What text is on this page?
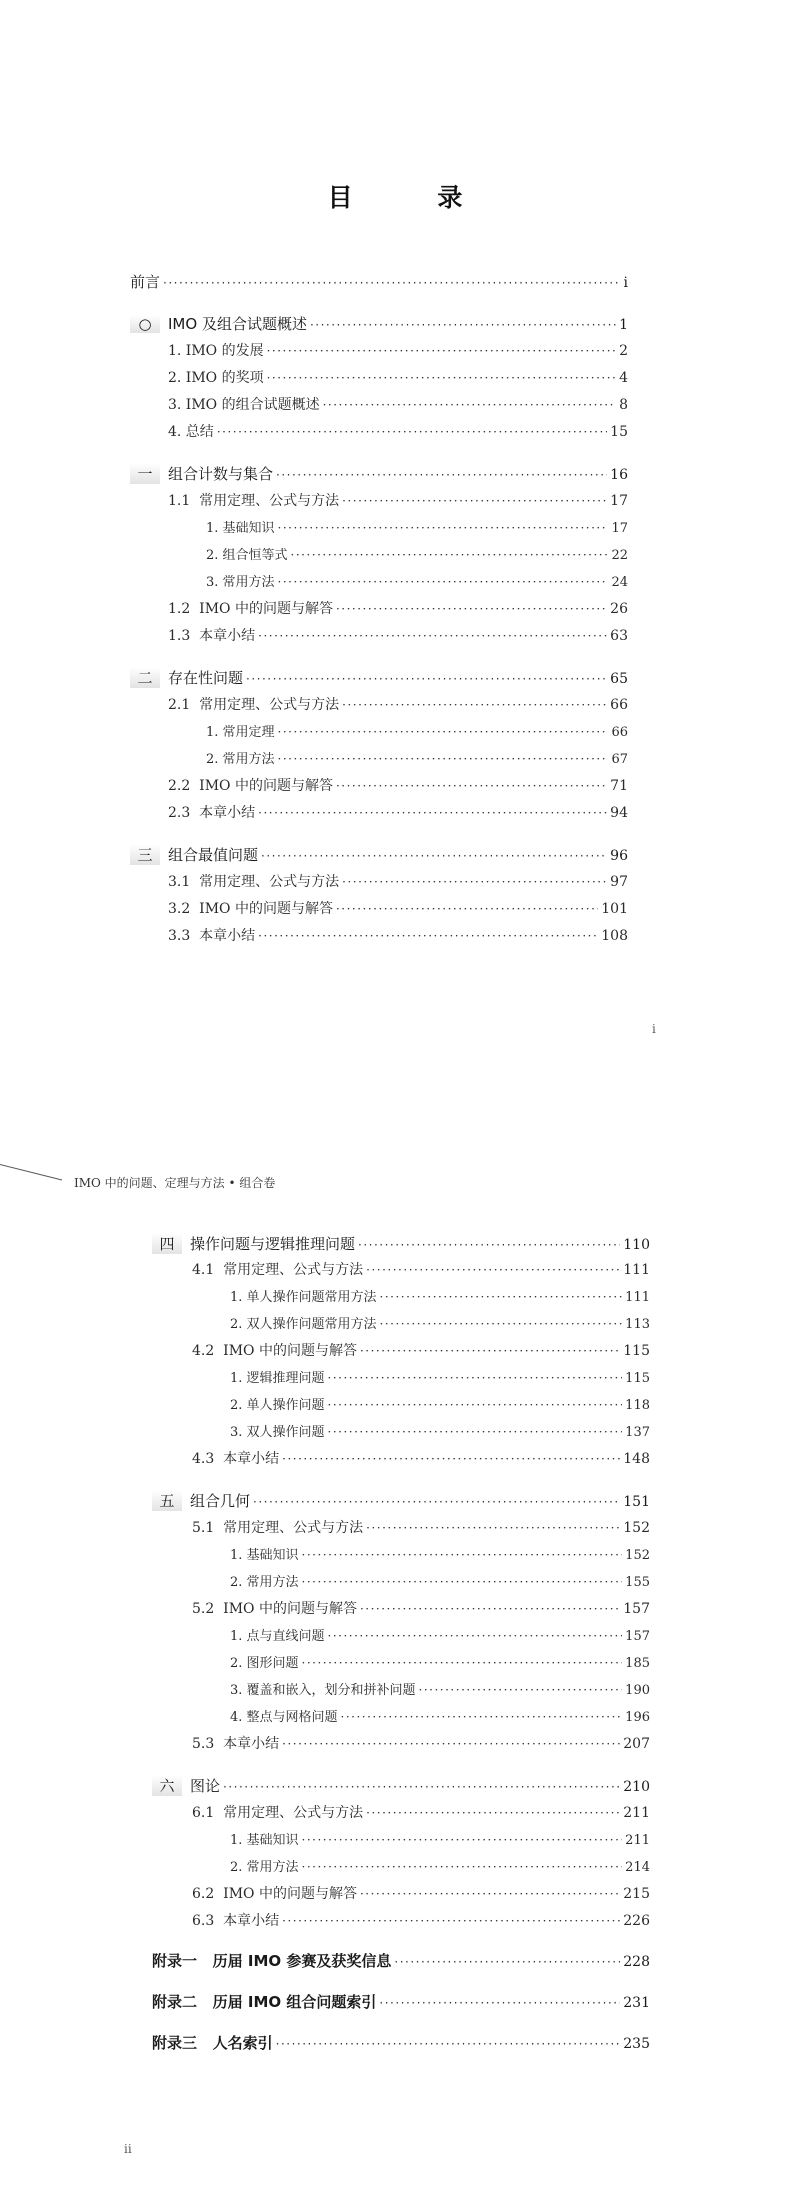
目 录
前言 ·····	i
○ IMO 及组合试题概述 ·····	1
1. IMO 的发展 ·····	2
2. IMO 的奖项 ·····	4
3. IMO 的组合试题概述 ·····	8
4. 总结 ·····	15
一 组合计数与集合 ·····	16
1.1  常用定理、公式与方法 ·····	17
1. 基础知识 ·····	17
2. 组合恒等式 ·····	22
3. 常用方法 ·····	24
1.2  IMO 中的问题与解答 ·····	26
1.3  本章小结 ·····	63
二 存在性问题 ·····	65
2.1  常用定理、公式与方法 ·····	66
1. 常用定理 ·····	66
2. 常用方法 ·····	67
2.2  IMO 中的问题与解答 ·····	71
2.3  本章小结 ·····	94
三 组合最值问题 ·····	96
3.1  常用定理、公式与方法 ·····	97
3.2  IMO 中的问题与解答 ·····	101
3.3  本章小结 ·····	108
i
IMO 中的问题、定理与方法 • 组合卷
四 操作问题与逻辑推理问题 ·····	110
4.1  常用定理、公式与方法 ·····	111
1. 单人操作问题常用方法 ·····	111
2. 双人操作问题常用方法 ·····	113
4.2  IMO 中的问题与解答 ·····	115
1. 逻辑推理问题 ·····	115
2. 单人操作问题 ·····	118
3. 双人操作问题 ·····	137
4.3  本章小结 ·····	148
五 组合几何 ·····	151
5.1  常用定理、公式与方法 ·····	152
1. 基础知识 ·····	152
2. 常用方法 ·····	155
5.2  IMO 中的问题与解答 ·····	157
1. 点与直线问题 ·····	157
2. 图形问题 ·····	185
3. 覆盖和嵌入，划分和拼补问题 ·····	190
4. 整点与网格问题 ·····	196
5.3  本章小结 ·····	207
六 图论 ·····	210
6.1  常用定理、公式与方法 ·····	211
1. 基础知识 ·····	211
2. 常用方法 ·····	214
6.2  IMO 中的问题与解答 ·····	215
6.3  本章小结 ·····	226
附录一   历届 IMO 参赛及获奖信息 ·····	228
附录二   历届 IMO 组合问题索引 ·····	231
附录三   人名索引 ·····	235
ii
